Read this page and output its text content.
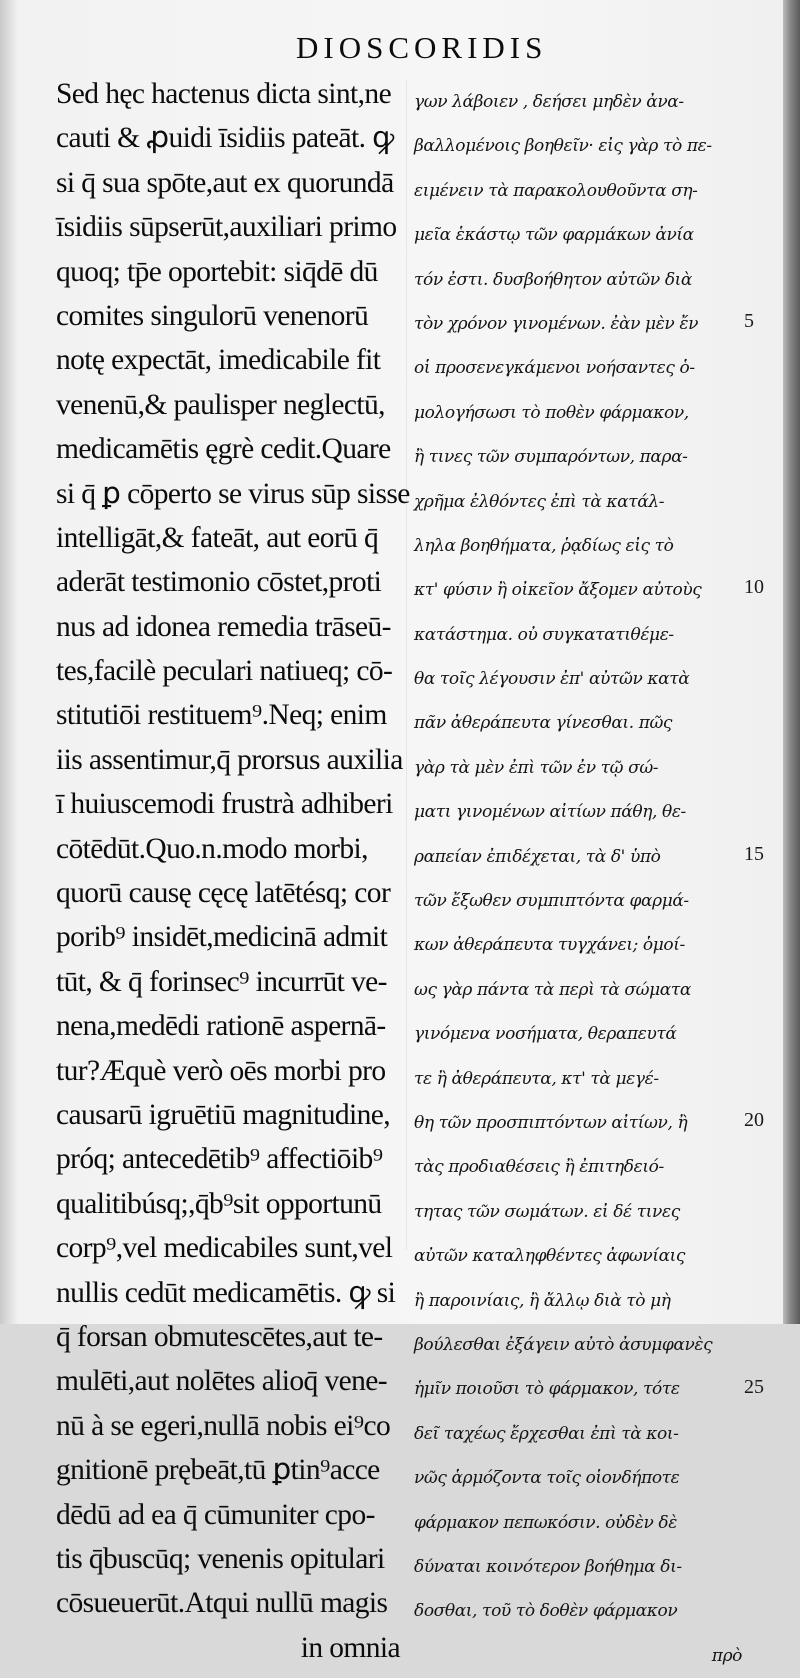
DIOSCORIDIS
Sed hęc hactenus dicta sint,ne
cauti & ꝓuidi īsidiis pateāt. ꝙ
si q̄ sua spōte,aut ex quorundā
īsidiis sūpserūt,auxiliari primo
quoq; tp̄e oportebit: siq̄dē dū
comites singulorū venenorū
notę expectāt, imedicabile fit
venenū,& paulisper neglectū,
medicamētis ęgrè cedit.Quare
si q̄ ꝑ cōperto se virus sūp sisse
intelligāt,& fateāt, aut eorū q̄
aderāt testimonio cōstet,proti
nus ad idonea remedia trāseū-
tes,facilè peculari natiueq; cō-
stitutiōi restituem⁹.Neq; enim
iis assentimur,q̄ prorsus auxilia
ī huiuscemodi frustrà adhiberi
cōtēdūt.Quo.n.modo morbi,
quorū causę cęcę latētésq; cor
porib⁹ insidēt,medicinā admit
tūt, & q̄ forinsec⁹ incurrūt ve-
nena,medēdi rationē aspernā-
tur?Æquè verò oēs morbi pro
causarū igruētiū magnitudine,
próq; antecedētib⁹ affectiōib⁹
qualitibúsq;,q̄b⁹sit opportunū
corp⁹,vel medicabiles sunt,vel
nullis cedūt medicamētis. ꝙ si
q̄ forsan obmutescētes,aut te-
mulēti,aut nolētes alioq̄ vene-
nū à se egeri,nullā nobis ei⁹co
gnitionē prębeāt,tū ꝑtin⁹acce
dēdū ad ea q̄ cūmuniter cpo-
tis q̄buscūq; venenis opitulari
cōsueuerūt.Atqui nullū magis
in omnia
γων λάβοιεν , δεήσει μηδὲν ἀνα-
βαλλομένοις βοηθεῖν· εἰς γὰρ τὸ πε-
ειμένειν τὰ παρακολουθοῦντα ση-
μεῖα ἑκάστῳ τῶν φαρμάκων ἀνία
τόν ἐστι. δυσβοήθητον αὐτῶν διὰ
τὸν χρόνον γινομένων. ἐὰν μὲν ἔν
οἱ προσενεγκάμενοι νοήσαντες ὁ-
μολογήσωσι τὸ ποθὲν φάρμακον,
ἢ τινες τῶν συμπαρόντων, παρα-
χρῆμα ἐλθόντες ἐπὶ τὰ κατάλ-
ληλα βοηθήματα, ῥᾳδίως εἰς τὸ
κτ' φύσιν ἢ οἰκεῖον ἄξομεν αὐτοὺς
κατάστημα. οὐ συγκατατιθέμε-
θα τοῖς λέγουσιν ἐπ' αὐτῶν κατὰ
πᾶν ἀθεράπευτα γίνεσθαι. πῶς
γὰρ τὰ μὲν ἐπὶ τῶν ἐν τῷ σώ-
ματι γινομένων αἰτίων πάθη, θε-
ραπείαν ἐπιδέχεται, τὰ δ' ὑπὸ
τῶν ἔξωθεν συμπιπτόντα φαρμά-
κων ἀθεράπευτα τυγχάνει; ὁμοί-
ως γὰρ πάντα τὰ περὶ τὰ σώματα
γινόμενα νοσήματα, θεραπευτά
τε ἢ ἀθεράπευτα, κτ' τὰ μεγέ-
θη τῶν προσπιπτόντων αἰτίων, ἢ
τὰς προδιαθέσεις ἢ ἐπιτηδειό-
τητας τῶν σωμάτων. εἰ δέ τινες
αὐτῶν καταληφθέντες ἀφωνίαις
ἢ παροινίαις, ἢ ἄλλῳ διὰ τὸ μὴ
βούλεσθαι ἐξάγειν αὐτὸ ἀσυμφανὲς
ἡμῖν ποιοῦσι τὸ φάρμακον, τότε
δεῖ ταχέως ἔρχεσθαι ἐπὶ τὰ κοι-
νῶς ἁρμόζοντα τοῖς οἱονδήποτε
φάρμακον πεπωκόσιν. οὐδὲν δὲ
δύναται κοινότερον βοήθημα δι-
δοσθαι, τοῦ τὸ δοθὲν φάρμακον
πρὸ
5
10
15
20
25
